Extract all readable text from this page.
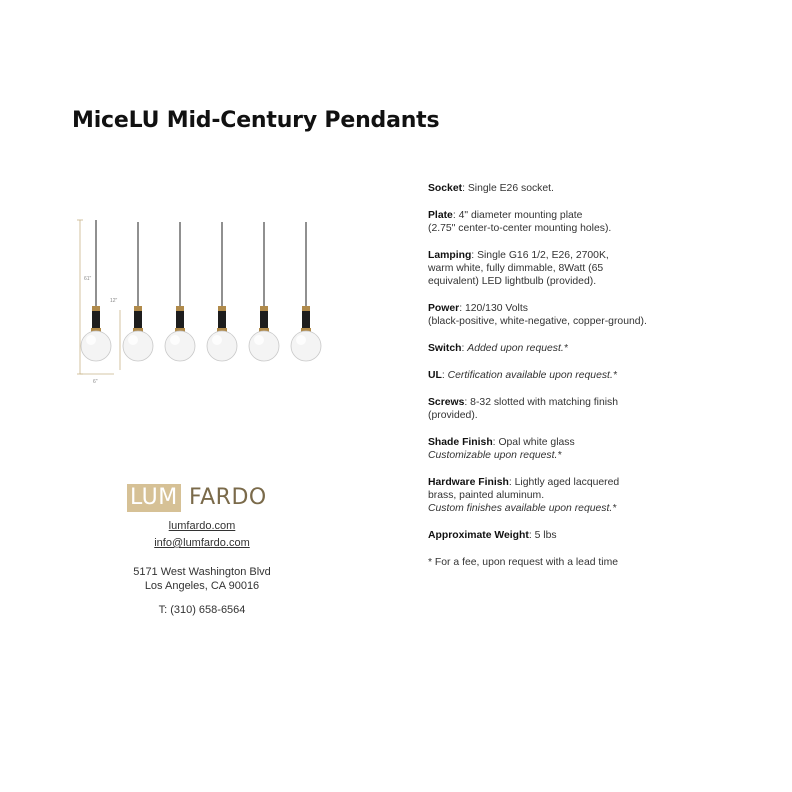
MiceLU Mid-Century Pendants
61"
12"
6"
LUM FARDO
lumfardo.com
info@lumfardo.com
5171 West Washington Blvd
Los Angeles, CA 90016
T: (310) 658-6564
Socket: Single E26 socket.
Plate: 4" diameter mounting plate
(2.75" center-to-center mounting holes).
Lamping: Single G16 1/2, E26, 2700K,
warm white, fully dimmable, 8Watt (65
equivalent) LED lightbulb (provided).
Power: 120/130 Volts
(black-positive, white-negative, copper-ground).
Switch: Added upon request.*
UL: Certification available upon request.*
Screws: 8-32 slotted with matching finish
(provided).
Shade Finish: Opal white glass
Customizable upon request.*
Hardware Finish: Lightly aged lacquered
brass, painted aluminum.
Custom finishes available upon request.*
Approximate Weight: 5 lbs
* For a fee, upon request with a lead time
